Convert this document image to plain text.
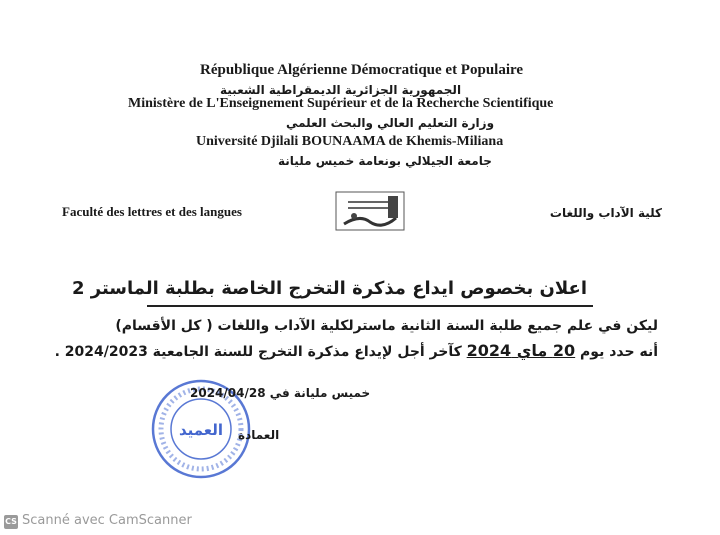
République Algérienne Démocratique et Populaire
الجمهورية الجزائرية الديمقراطية الشعبية
Ministère de L'Enseignement Supérieur et de la Recherche Scientifique
وزارة التعليم العالي والبحث العلمي
Université Djilali BOUNAAMA de Khemis-Miliana
جامعة الجيلالي بونعامة خميس مليانة
Faculté des lettres et des langues	كلية الآداب واللغات
اعلان بخصوص ايداع مذكرة التخرج الخاصة بطلبة الماستر 2
ليكن في علم جميع طلبة السنة الثانية ماسترلكلية الآداب واللغات ( كل الأقسام)
أنه حدد يوم 20 ماي 2024 كآخر أجل لإيداع مذكرة التخرج للسنة الجامعية 2024/2023 .
العميد
2024/04/28 خميس مليانة في
العمادة
CS Scanné avec CamScanner
